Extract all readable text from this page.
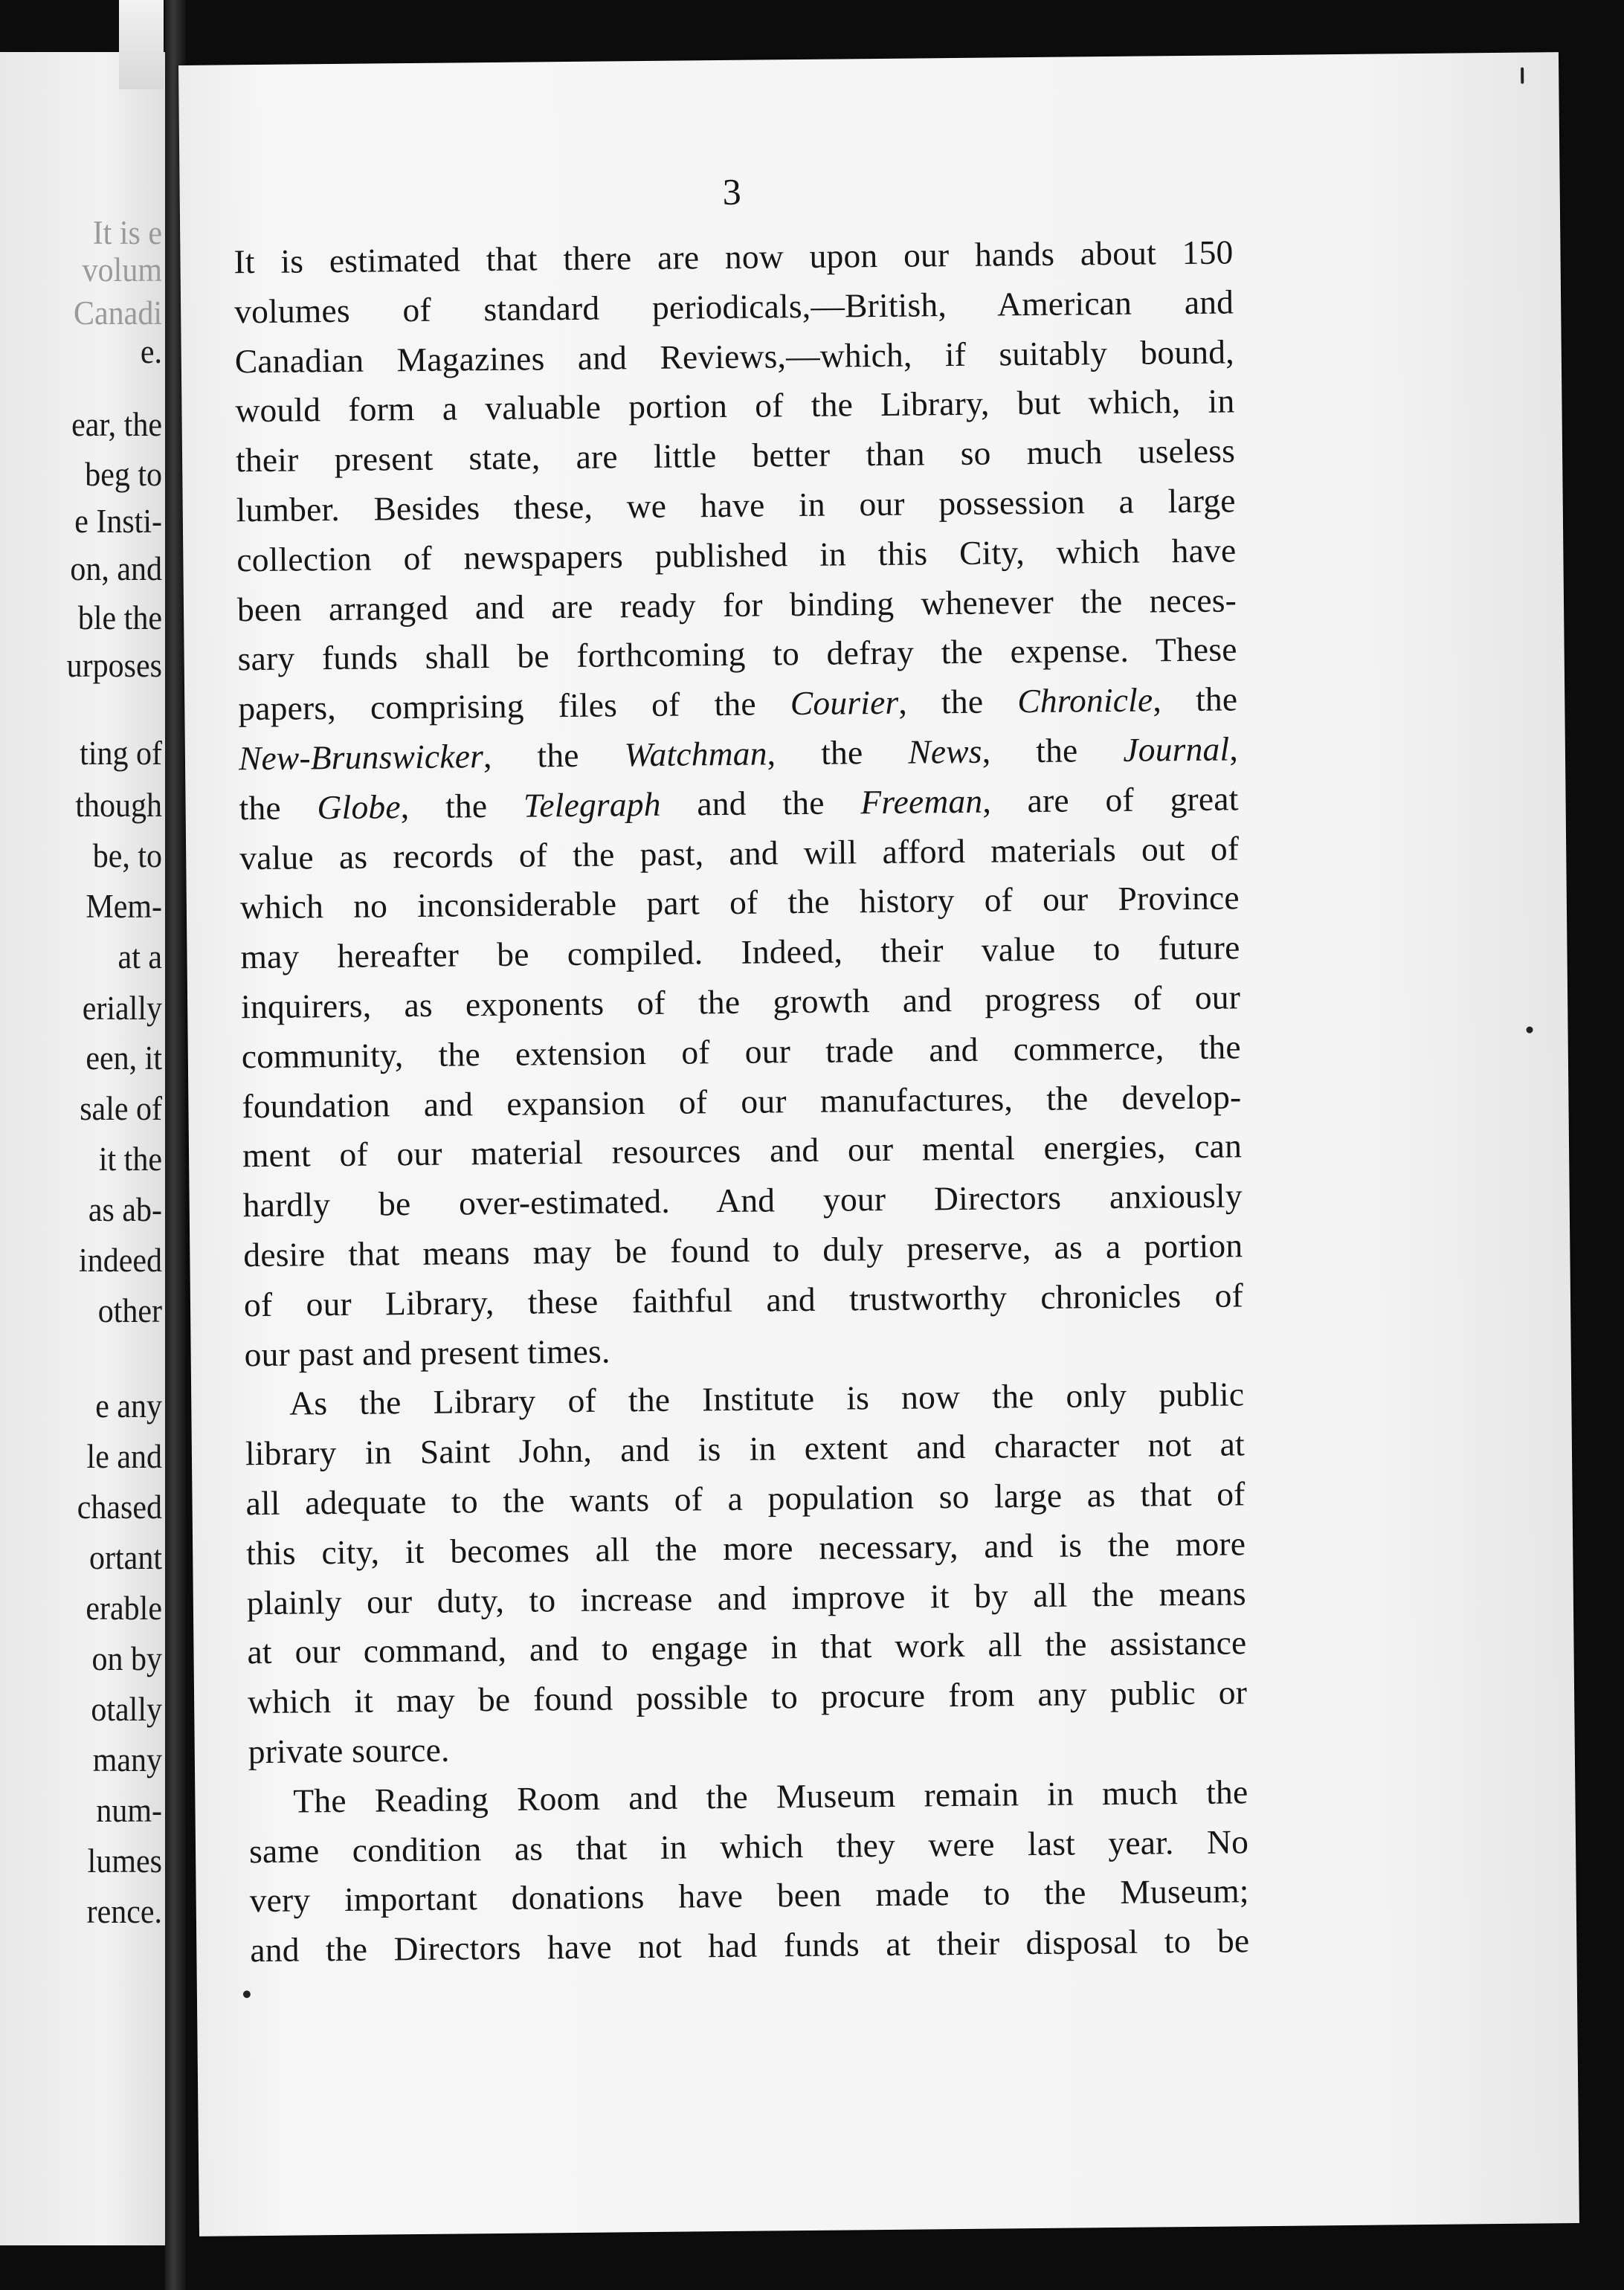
It is e
volum
Canadi
e.
ear, the
beg to
e Insti-
on, and
ble the
urposes
ting of
though
be, to
Mem-
at a
erially
een, it
sale of
it the
as ab-
indeed
other
e any
le and
chased
ortant
erable
on by
otally
many
num-
lumes
rence.
3
It is estimated that there are now upon our hands about 150
volumes of standard periodicals,—British, American and
Canadian Magazines and Reviews,—which, if suitably bound,
would form a valuable portion of the Library, but which, in
their present state, are little better than so much useless
lumber. Besides these, we have in our possession a large
collection of newspapers published in this City, which have
been arranged and are ready for binding whenever the neces-
sary funds shall be forthcoming to defray the expense. These
papers, comprising files of the Courier, the Chronicle, the
New-Brunswicker, the Watchman, the News, the Journal,
the Globe, the Telegraph and the Freeman, are of great
value as records of the past, and will afford materials out of
which no inconsiderable part of the history of our Province
may hereafter be compiled. Indeed, their value to future
inquirers, as exponents of the growth and progress of our
community, the extension of our trade and commerce, the
foundation and expansion of our manufactures, the develop-
ment of our material resources and our mental energies, can
hardly be over-estimated. And your Directors anxiously
desire that means may be found to duly preserve, as a portion
of our Library, these faithful and trustworthy chronicles of
our past and present times.
As the Library of the Institute is now the only public
library in Saint John, and is in extent and character not at
all adequate to the wants of a population so large as that of
this city, it becomes all the more necessary, and is the more
plainly our duty, to increase and improve it by all the means
at our command, and to engage in that work all the assistance
which it may be found possible to procure from any public or
private source.
The Reading Room and the Museum remain in much the
same condition as that in which they were last year. No
very important donations have been made to the Museum;
and the Directors have not had funds at their disposal to be
